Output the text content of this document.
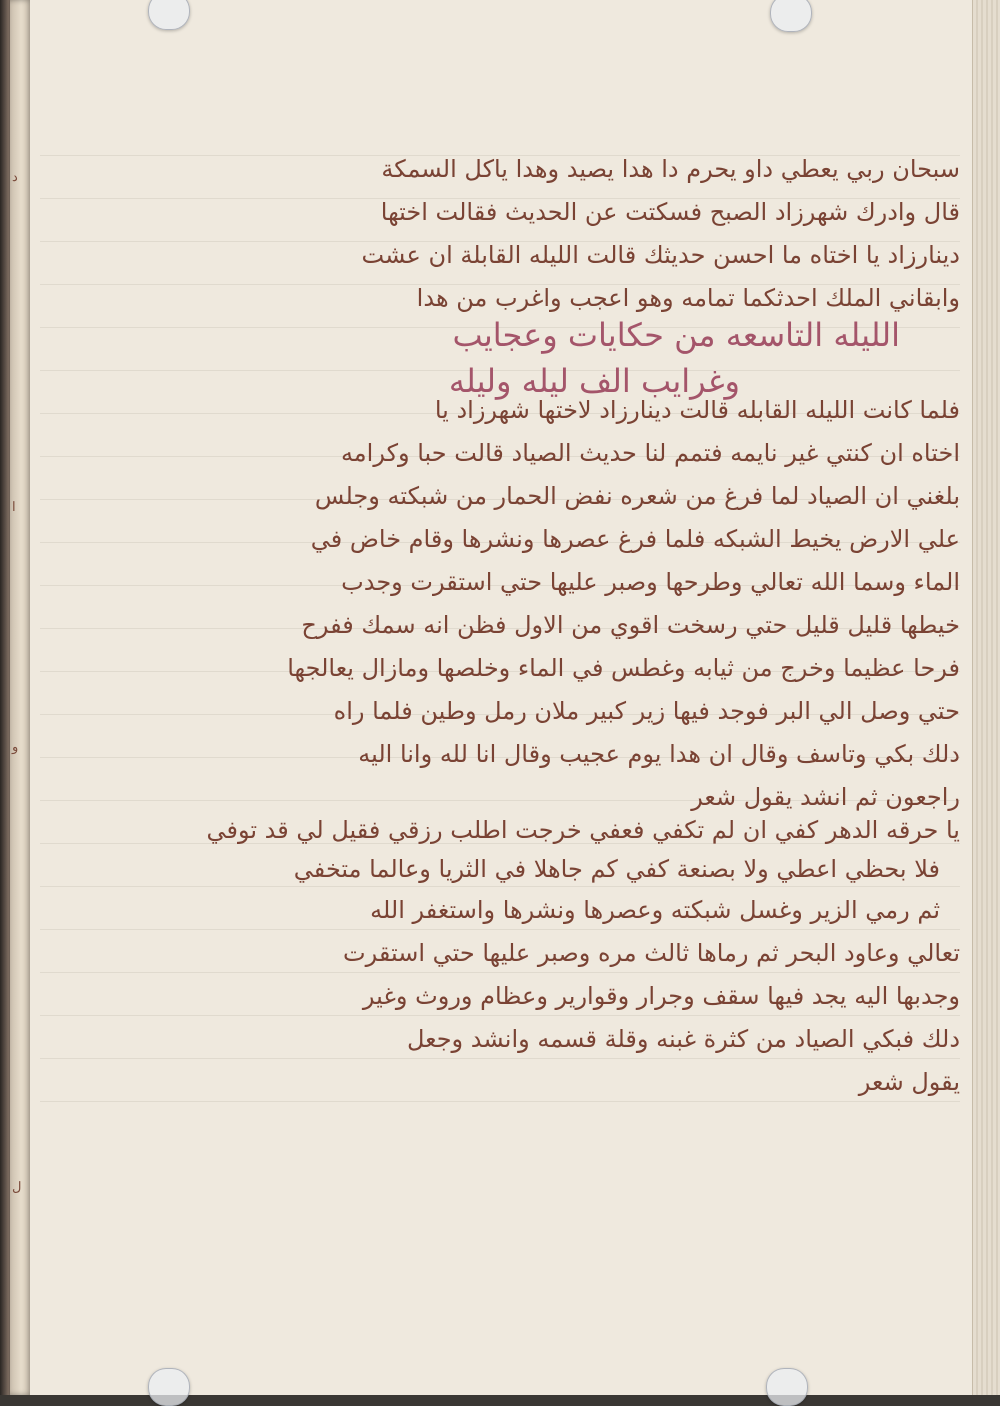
د
ا
و
ل
سبحان ربي يعطي داو يحرم دا هدا يصيد وهدا ياكل السمكة
قال وادرك شهرزاد الصبح فسكتت عن الحديث فقالت اختها
دينارزاد يا اختاه ما احسن حديثك قالت الليله القابلة ان عشت
وابقاني الملك احدثكما تمامه وهو اعجب واغرب من هدا
الليله التاسعه من حكايات وعجايب
وغرايب الف ليله وليله
فلما كانت الليله القابله قالت دينارزاد لاختها شهرزاد يا
اختاه ان كنتي غير نايمه فتمم لنا حديث الصياد قالت حبا وكرامه
بلغني ان الصياد لما فرغ من شعره نفض الحمار من شبكته وجلس
علي الارض يخيط الشبكه فلما فرغ عصرها ونشرها وقام خاض في
الماء وسما الله تعالي وطرحها وصبر عليها حتي استقرت وجدب
خيطها قليل قليل حتي رسخت اقوي من الاول فظن انه سمك ففرح
فرحا عظيما وخرج من ثيابه وغطس في الماء وخلصها ومازال يعالجها
حتي وصل الي البر فوجد فيها زير كبير ملان رمل وطين فلما راه
دلك بكي وتاسف وقال ان هدا يوم عجيب وقال انا لله وانا اليه
راجعون ثم انشد يقول شعر
يا حرقه الدهر كفي ان لم تكفي فعفي خرجت اطلب رزقي فقيل لي قد توفي
فلا بحظي اعطي ولا بصنعة كفي كم جاهلا في الثريا وعالما متخفي
ثم رمي الزير وغسل شبكته وعصرها ونشرها واستغفر الله
تعالي وعاود البحر ثم رماها ثالث مره وصبر عليها حتي استقرت
وجدبها اليه يجد فيها سقف وجرار وقوارير وعظام وروث وغير
دلك فبكي الصياد من كثرة غبنه وقلة قسمه وانشد وجعل
يقول شعر
